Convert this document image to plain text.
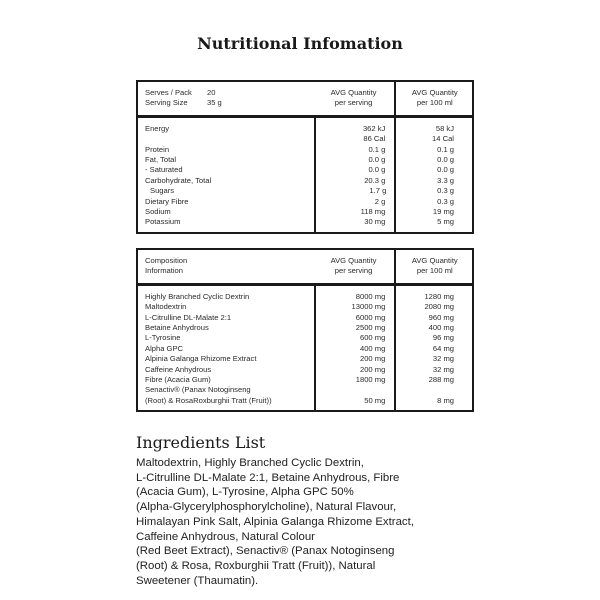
Nutritional Infomation
Serves / Pack	20
Serving Size	35 g
AVG Quantity
per serving
AVG Quantity
per 100 ml
Energy	362 kJ	58 kJ
86 Cal	14 Cal
Protein	0.1 g	0.1 g
Fat, Total	0.0 g	0.0 g
- Saturated	0.0 g	0.0 g
Carbohydrate, Total	20.3 g	3.3 g
Sugars	1.7 g	0.3 g
Dietary Fibre	2 g	0.3 g
Sodium	118 mg	19 mg
Potassium	30 mg	5 mg
Composition
Information
AVG Quantity
per serving
AVG Quantity
per 100 ml
Highly Branched Cyclic Dextrin	8000 mg	1280 mg
Maltodextrin	13000 mg	2080 mg
L-Citrulline DL-Malate 2:1	6000 mg	960 mg
Betaine Anhydrous	2500 mg	400 mg
L-Tyrosine	600 mg	96 mg
Alpha GPC	400 mg	64 mg
Alpinia Galanga Rhizome Extract	200 mg	32 mg
Caffeine Anhydrous	200 mg	32 mg
Fibre (Acacia Gum)	1800 mg	288 mg
Senactiv® (Panax Notoginseng
(Root) & RosaRoxburghii Tratt (Fruit))	50 mg	8 mg
Ingredients List
Maltodextrin, Highly Branched Cyclic Dextrin,
L-Citrulline DL-Malate 2:1, Betaine Anhydrous, Fibre
(Acacia Gum), L-Tyrosine, Alpha GPC 50%
(Alpha-Glycerylphosphorylcholine), Natural Flavour,
Himalayan Pink Salt, Alpinia Galanga Rhizome Extract,
Caffeine Anhydrous, Natural Colour
(Red Beet Extract), Senactiv® (Panax Notoginseng
(Root) & Rosa, Roxburghii Tratt (Fruit)), Natural
Sweetener (Thaumatin).
